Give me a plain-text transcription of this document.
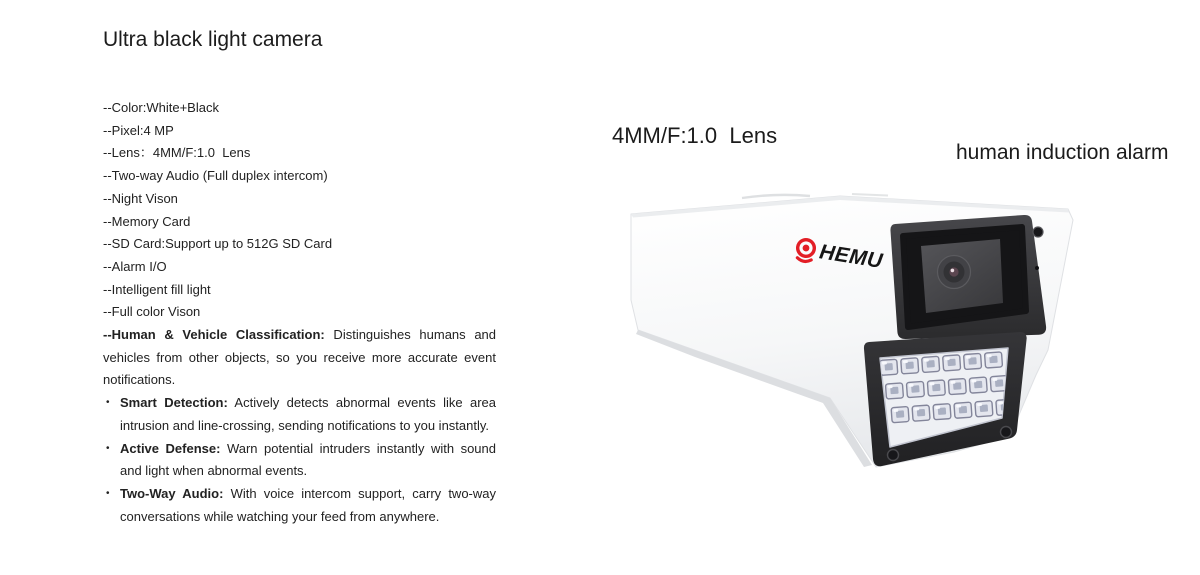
Ultra black light camera
--Color:White+Black
--Pixel:4 MP
--Lens：4MM/F:1.0  Lens
--Two-way Audio (Full duplex intercom)
--Night Vison
--Memory Card
--SD Card:Support up to 512G SD Card
--Alarm I/O
--Intelligent fill light
--Full color Vison
--Human & Vehicle Classification: Distinguishes humans and vehicles from other objects, so you receive more accurate event notifications.
• Smart Detection: Actively detects abnormal events like area intrusion and line-crossing, sending notifications to you instantly.
• Active Defense: Warn potential intruders instantly with sound and light when abnormal events.
• Two-Way Audio: With voice intercom support, carry two-way conversations while watching your feed from anywhere.
4MM/F:1.0  Lens
human induction alarm
HEMU
